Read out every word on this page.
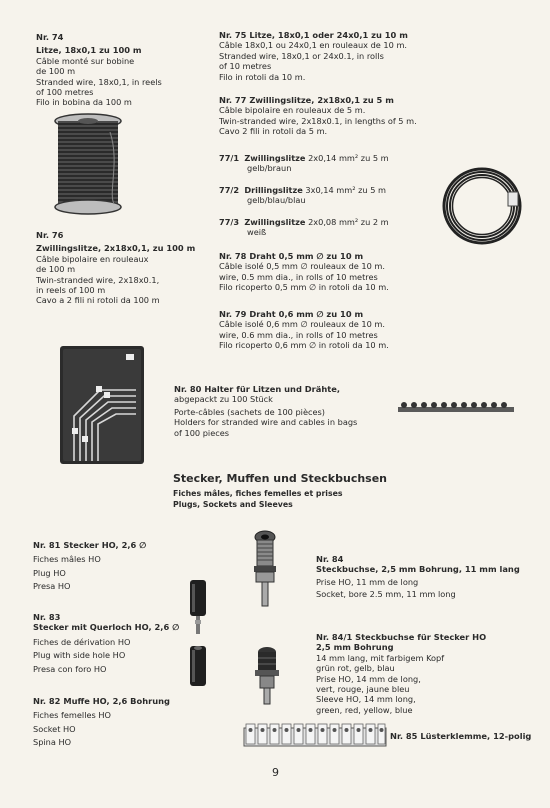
Nr. 74
Litze, 18x0,1 zu 100 m
Câble monté sur bobine
de 100 m
Stranded wire, 18x0,1, in reels
of 100 metres
Filo in bobina da 100 m
Nr. 76
Zwillingslitze, 2x18x0,1, zu 100 m
Câble bipolaire en rouleaux
de 100 m
Twin-stranded wire, 2x18x0.1,
in reels of 100 m
Cavo a 2 fili ni rotoli da 100 m
Nr. 75 Litze, 18x0,1 oder 24x0,1 zu 10 m
Câble 18x0,1 ou 24x0,1 en rouleaux de 10 m.
Stranded wire, 18x0,1 or 24x0.1, in rolls
of 10 metres
Filo in rotoli da 10 m.
Nr. 77 Zwillingslitze, 2x18x0,1 zu 5 m
Câble bipolaire en rouleaux de 5 m.
Twin-stranded wire, 2x18x0.1, in lengths of 5 m.
Cavo 2 fili in rotoli da 5 m.
77/1 Zwillingslitze 2x0,14 mm² zu 5 m
gelb/braun
77/2 Drillingslitze 3x0,14 mm² zu 5 m
gelb/blau/blau
77/3 Zwillingslitze 2x0,08 mm² zu 2 m
weiß
Nr. 78 Draht 0,5 mm ∅ zu 10 m
Câble isolé 0,5 mm ∅ rouleaux de 10 m.
wire, 0.5 mm dia., in rolls of 10 metres
Filo ricoperto 0,5 mm ∅ in rotoli da 10 m.
Nr. 79 Draht 0,6 mm ∅ zu 10 m
Câble isolé 0,6 mm ∅ rouleaux de 10 m.
wire, 0.6 mm dia., in rolls of 10 metres
Filo ricoperto 0,6 mm ∅ in rotoli da 10 m.
Nr. 80 Halter für Litzen und Drähte,
abgepackt zu 100 Stück
Porte-câbles (sachets de 100 pièces)
Holders for stranded wire and cables in bags
of 100 pieces
Stecker, Muffen und Steckbuchsen
Fiches mâles, fiches femelles et prises
Plugs, Sockets and Sleeves
Nr. 81 Stecker HO, 2,6 ∅
Fiches mâles HO
Plug HO
Presa HO
Nr. 83
Stecker mit Querloch HO, 2,6 ∅
Fiches de dérivation HO
Plug with side hole HO
Presa con foro HO
Nr. 82 Muffe HO, 2,6 Bohrung
Fiches femelles HO
Socket HO
Spina HO
Nr. 84
Steckbuchse, 2,5 mm Bohrung, 11 mm lang
Prise HO, 11 mm de long
Socket, bore 2.5 mm, 11 mm long
Nr. 84/1 Steckbuchse für Stecker HO
2,5 mm Bohrung
14 mm lang, mit farbigem Kopf
grün rot, gelb, blau
Prise HO, 14 mm de long,
vert, rouge, jaune bleu
Sleeve HO, 14 mm long,
green, red, yellow, blue
Nr. 85 Lüsterklemme, 12-polig
9
